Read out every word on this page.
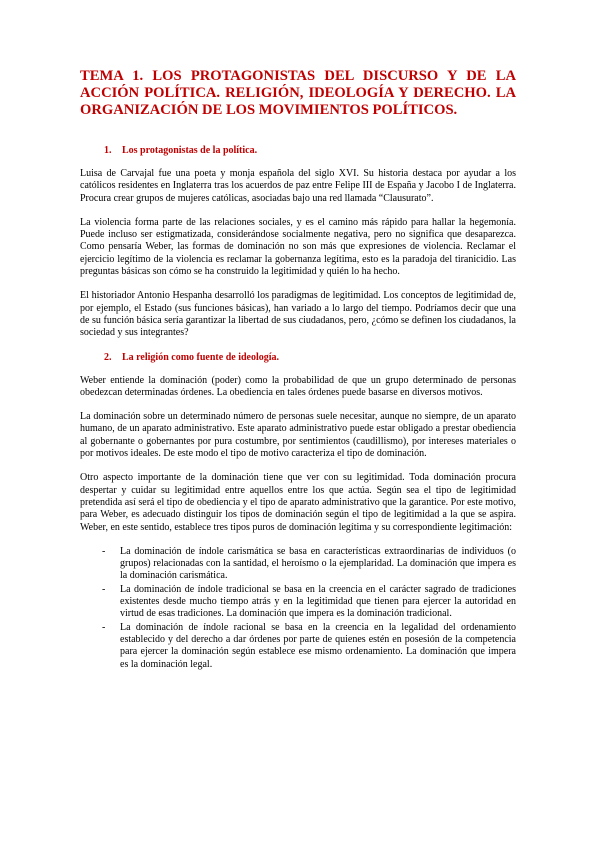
TEMA 1. LOS PROTAGONISTAS DEL DISCURSO Y DE LA ACCIÓN POLÍTICA. RELIGIÓN, IDEOLOGÍA Y DERECHO. LA ORGANIZACIÓN DE LOS MOVIMIENTOS POLÍTICOS.
1. Los protagonistas de la política.

Luisa de Carvajal fue una poeta y monja española del siglo XVI. Su historia destaca por ayudar a los católicos residentes en Inglaterra tras los acuerdos de paz entre Felipe III de España y Jacobo I de Inglaterra. Procura crear grupos de mujeres católicas, asociadas bajo una red llamada “Clausurato”.

La violencia forma parte de las relaciones sociales, y es el camino más rápido para hallar la hegemonía. Puede incluso ser estigmatizada, considerándose socialmente negativa, pero no significa que desaparezca. Como pensaría Weber, las formas de dominación no son más que expresiones de violencia. Reclamar el ejercicio legítimo de la violencia es reclamar la gobernanza legítima, esto es la paradoja del tiranicidio. Las preguntas básicas son cómo se ha construido la legitimidad y quién lo ha hecho.

El historiador Antonio Hespanha desarrolló los paradigmas de legitimidad. Los conceptos de legitimidad de, por ejemplo, el Estado (sus funciones básicas), han variado a lo largo del tiempo. Podríamos decir que una de su función básica sería garantizar la libertad de sus ciudadanos, pero, ¿cómo se definen los ciudadanos, la sociedad y sus integrantes?

2. La religión como fuente de ideología.

Weber entiende la dominación (poder) como la probabilidad de que un grupo determinado de personas obedezcan determinadas órdenes. La obediencia en tales órdenes puede basarse en diversos motivos.

La dominación sobre un determinado número de personas suele necesitar, aunque no siempre, de un aparato humano, de un aparato administrativo. Este aparato administrativo puede estar obligado a prestar obediencia al gobernante o gobernantes por pura costumbre, por sentimientos (caudillismo), por intereses materiales o por motivos ideales. De este modo el tipo de motivo caracteriza el tipo de dominación.

Otro aspecto importante de la dominación tiene que ver con su legitimidad. Toda dominación procura despertar y cuidar su legitimidad entre aquellos entre los que actúa. Según sea el tipo de legitimidad pretendida así será el tipo de obediencia y el tipo de aparato administrativo que la garantice. Por este motivo, para Weber, es adecuado distinguir los tipos de dominación según el tipo de legitimidad a la que se aspira. Weber, en este sentido, establece tres tipos puros de dominación legítima y su correspondiente legitimación:

- La dominación de índole carismática se basa en características extraordinarias de individuos (o grupos) relacionadas con la santidad, el heroísmo o la ejemplaridad. La dominación que impera es la dominación carismática.
- La dominación de índole tradicional se basa en la creencia en el carácter sagrado de tradiciones existentes desde mucho tiempo atrás y en la legitimidad que tienen para ejercer la autoridad en virtud de esas tradiciones. La dominación que impera es la dominación tradicional.
- La dominación de índole racional se basa en la creencia en la legalidad del ordenamiento establecido y del derecho a dar órdenes por parte de quienes estén en posesión de la competencia para ejercer la dominación según establece ese mismo ordenamiento. La dominación que impera es la dominación legal.
